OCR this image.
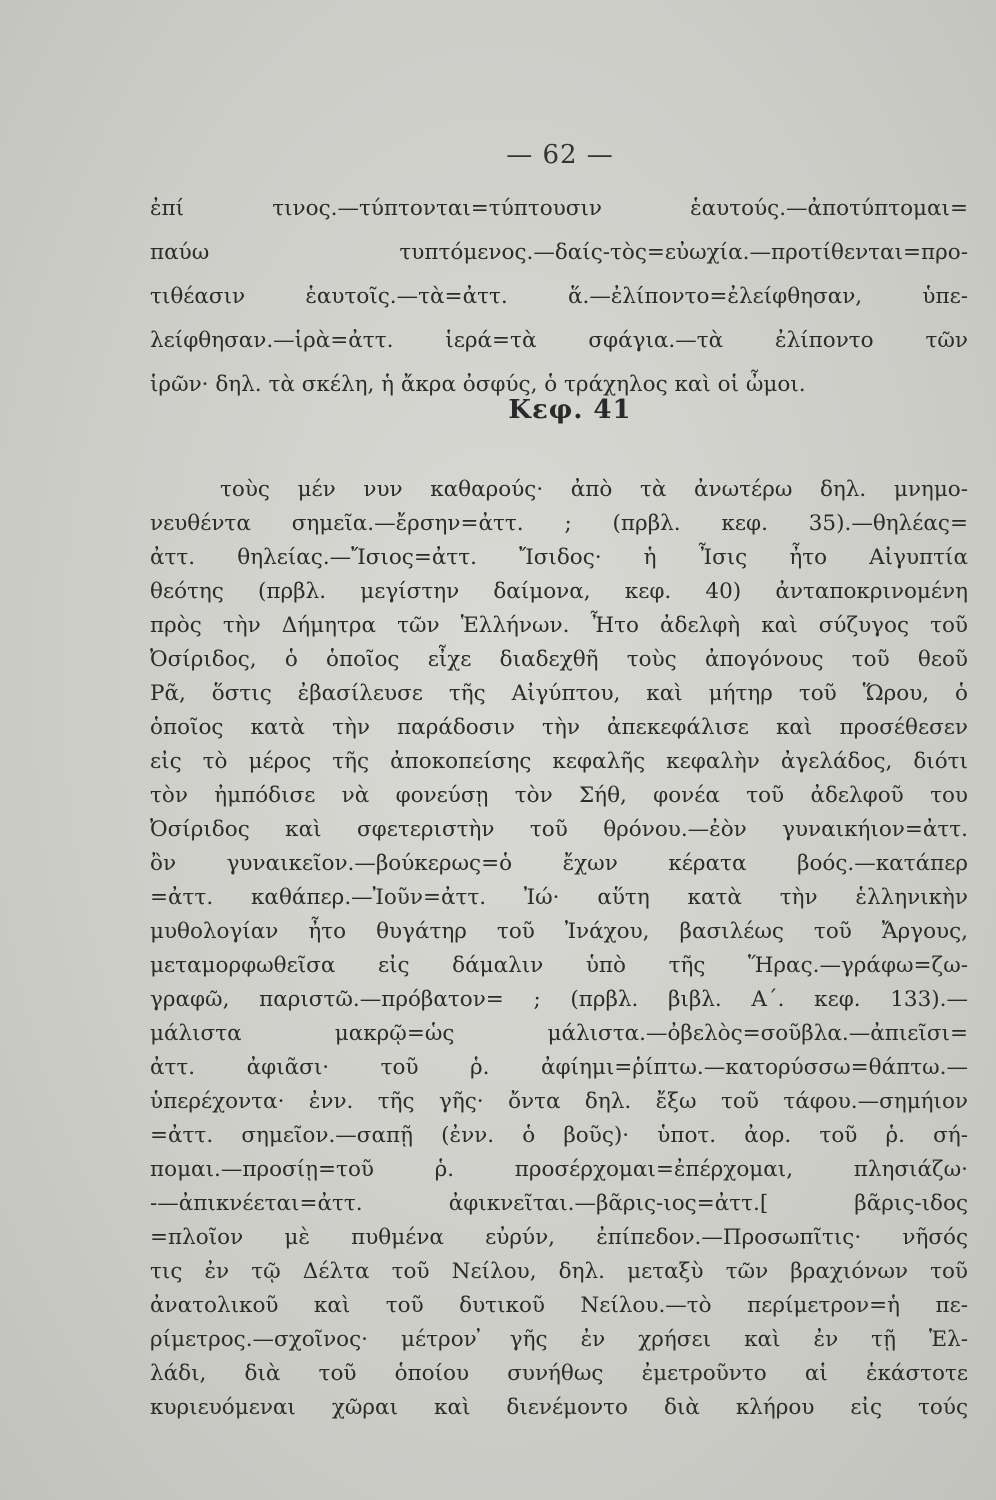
— 62 —
ἐπί τινος.—τύπτονται=τύπτουσιν ἑαυτούς.—ἀποτύπτομαι=
παύω τυπτόμενος.—δαίς-τὸς=εὐωχία.—προτίθενται=προ-
τιθέασιν ἑαυτοῖς.—τὰ=ἀττ. ἅ.—ἐλίποντο=ἐλείφθησαν, ὑπε-
λείφθησαν.—ἱρὰ=ἀττ. ἱερά=τὰ σφάγια.—τὰ ἐλίποντο τῶν
ἱρῶν· δηλ. τὰ σκέλη, ἡ ἄκρα ὀσφύς, ὁ τράχηλος καὶ οἱ ὦμοι.
Κεφ. 41
τοὺς μέν νυν καθαρούς· ἀπὸ τὰ ἀνωτέρω δηλ. μνημο-
νευθέντα σημεῖα.—ἔρσην=ἀττ. ; (πρβλ. κεφ. 35).—θηλέας=
ἀττ. θηλείας.—Ἴσιος=ἀττ. Ἴσιδος· ἡ Ἶσις ἦτο Αἰγυπτία
θεότης (πρβλ. μεγίστην δαίμονα, κεφ. 40) ἀνταποκρινομένη
πρὸς τὴν Δήμητρα τῶν Ἑλλήνων. Ἦτο ἀδελφὴ καὶ σύζυγος τοῦ
Ὀσίριδος, ὁ ὁποῖος εἶχε διαδεχθῆ τοὺς ἀπογόνους τοῦ θεοῦ
Ρᾶ, ὅστις ἐβασίλευσε τῆς Αἰγύπτου, καὶ μήτηρ τοῦ Ὥρου, ὁ
ὁποῖος κατὰ τὴν παράδοσιν τὴν ἀπεκεφάλισε καὶ προσέθεσεν
εἰς τὸ μέρος τῆς ἀποκοπείσης κεφαλῆς κεφαλὴν ἀγελάδος, διότι
τὸν ἠμπόδισε νὰ φονεύσῃ τὸν Σήθ, φονέα τοῦ ἀδελφοῦ του
Ὀσίριδος καὶ σφετεριστὴν τοῦ θρόνου.—ἐὸν γυναικήιον=ἀττ.
ὂν γυναικεῖον.—βούκερως=ὁ ἔχων κέρατα βοός.—κατάπερ
=ἀττ. καθάπερ.—Ἰοῦν=ἀττ. Ἰώ· αὕτη κατὰ τὴν ἑλληνικὴν
μυθολογίαν ἦτο θυγάτηρ τοῦ Ἰνάχου, βασιλέως τοῦ Ἄργους,
μεταμορφωθεῖσα εἰς δάμαλιν ὑπὸ τῆς Ἥρας.—γράφω=ζω-
γραφῶ, παριστῶ.—πρόβατον= ; (πρβλ. βιβλ. Α΄. κεφ. 133).—
μάλιστα μακρῷ=ὡς μάλιστα.—ὀβελὸς=σοῦβλα.—ἀπιεῖσι=
ἀττ. ἀφιᾶσι· τοῦ ῥ. ἀφίημι=ῥίπτω.—κατορύσσω=θάπτω.—
ὑπερέχοντα· ἐνν. τῆς γῆς· ὄντα δηλ. ἔξω τοῦ τάφου.—σημήιον
=ἀττ. σημεῖον.—σαπῇ (ἐνν. ὁ βοῦς)· ὑποτ. ἀορ. τοῦ ῥ. σή-
πομαι.—προσίῃ=τοῦ ῥ. προσέρχομαι=ἐπέρχομαι, πλησιάζω·
-—ἀπικνέεται=ἀττ. ἀφικνεῖται.—βᾶρις-ιος=ἀττ.[ βᾶρις-ιδος
=πλοῖον μὲ πυθμένα εὐρύν, ἐπίπεδον.—Προσωπῖτις· νῆσός
τις ἐν τῷ Δέλτα τοῦ Νείλου, δηλ. μεταξὺ τῶν βραχιόνων τοῦ
ἀνατολικοῦ καὶ τοῦ δυτικοῦ Νείλου.—τὸ περίμετρον=ἡ πε-
ρίμετρος.—σχοῖνος· μέτρον ̓γῆς ἐν χρήσει καὶ ἐν τῇ Ἑλ-
λάδι, διὰ τοῦ ὁποίου συνήθως ἐμετροῦντο αἱ ἑκάστοτε
κυριευόμεναι χῶραι καὶ διενέμοντο διὰ κλήρου εἰς τούς
